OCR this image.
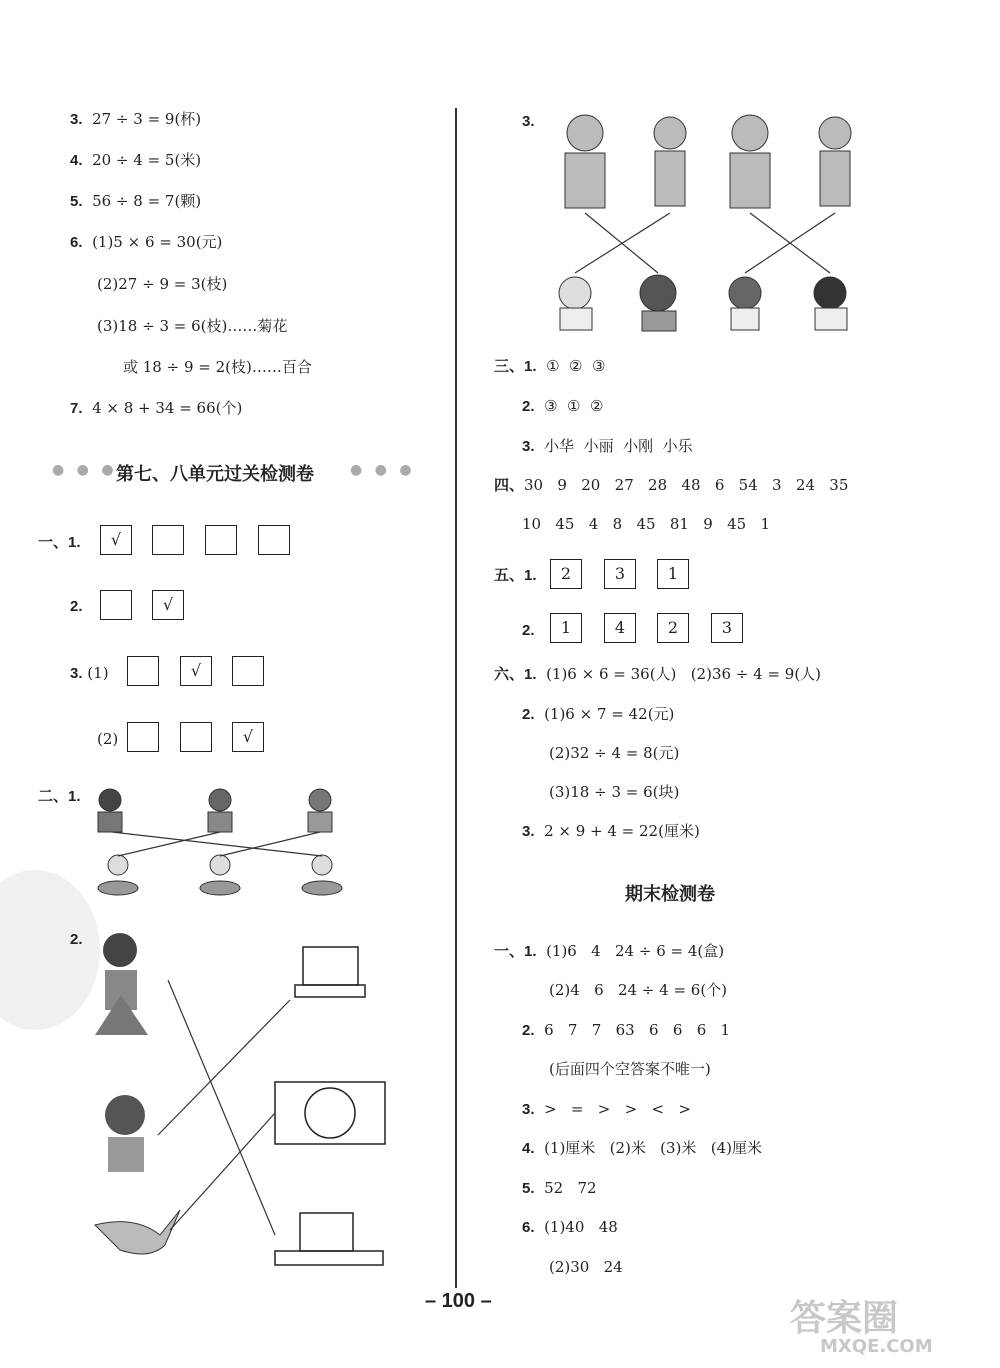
3. 27 ÷ 3 = 9(杯)
4. 20 ÷ 4 = 5(米)
5. 56 ÷ 8 = 7(颗)
6. (1)5 × 6 = 30(元)
(2)27 ÷ 9 = 3(枝)
(3)18 ÷ 3 = 6(枝)……菊花
或 18 ÷ 9 = 2(枝)……百合
7. 4 × 8 + 34 = 66(个)
● ● ●
第七、八单元过关检测卷	● ● ●
一、1.	√
2.	√
3. (1)	√
(2)	√
二、1.
2.
3.
三、1. ①  ②  ③
2. ③  ①  ②
3. 小华  小丽  小刚  小乐
四、30   9   20   27   28   48   6   54   3   24   35
10   45   4   8   45   81   9   45   1
五、1.	2	3	1
2.	1	4	2	3
六、1. (1)6 × 6 = 36(人)   (2)36 ÷ 4 = 9(人)
2. (1)6 × 7 = 42(元)
(2)32 ÷ 4 = 8(元)
(3)18 ÷ 3 = 6(块)
3. 2 × 9 + 4 = 22(厘米)
期末检测卷
一、1. (1)6   4   24 ÷ 6 = 4(盒)
(2)4   6   24 ÷ 4 = 6(个)
2. 6   7   7   63   6   6   6   1
(后面四个空答案不唯一)
3. >   =   >   >   <   >
4. (1)厘米   (2)米   (3)米   (4)厘米
5. 52   72
6. (1)40   48
(2)30   24
– 100 –	答案圈
MXQE.COM
